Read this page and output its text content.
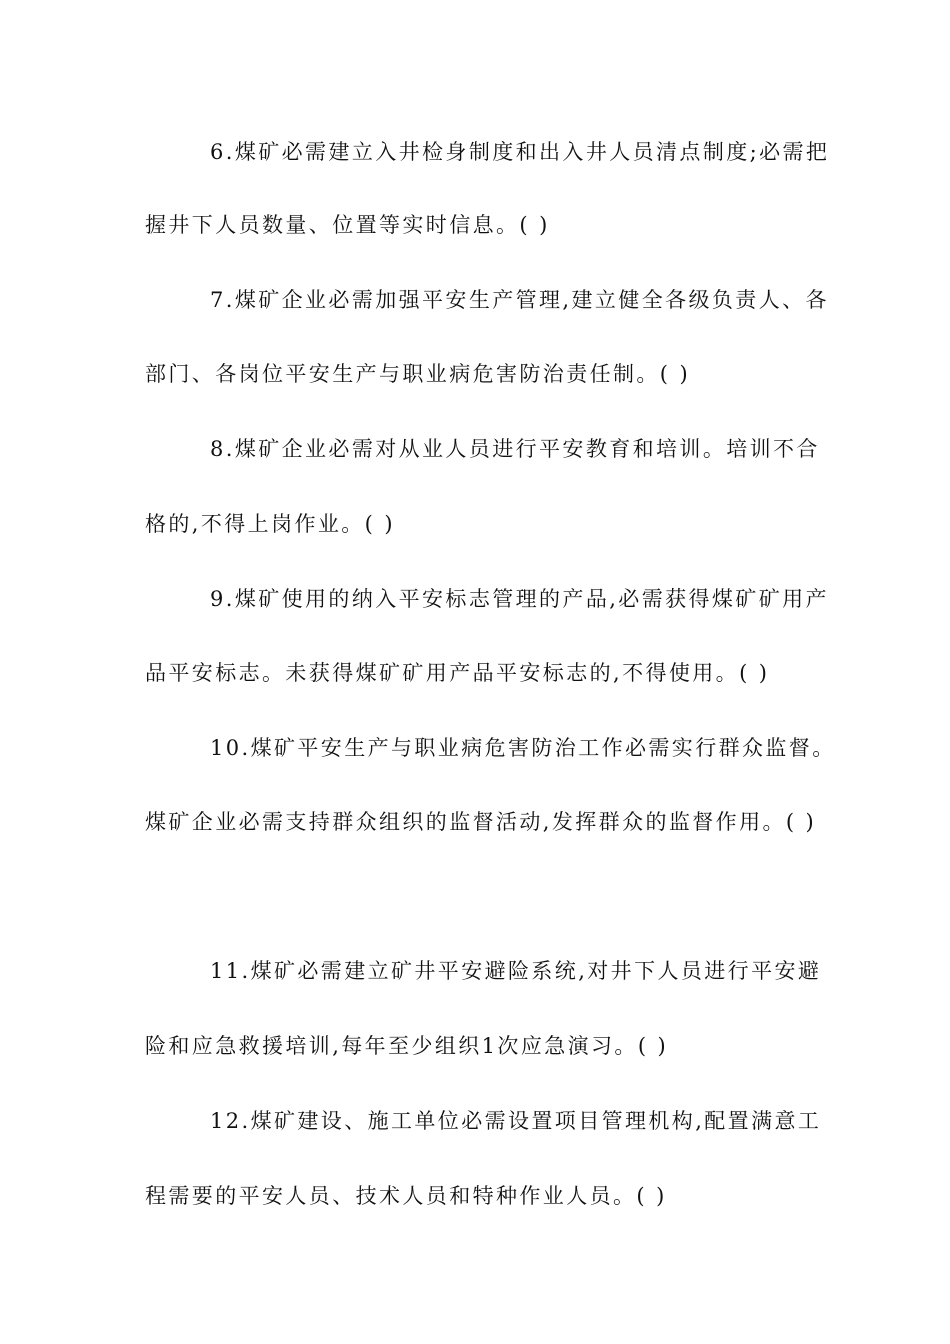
6.煤矿必需建立入井检身制度和出入井人员清点制度;必需把
握井下人员数量、位置等实时信息。( )
7.煤矿企业必需加强平安生产管理,建立健全各级负责人、各
部门、各岗位平安生产与职业病危害防治责任制。( )
8.煤矿企业必需对从业人员进行平安教育和培训。培训不合
格的,不得上岗作业。( )
9.煤矿使用的纳入平安标志管理的产品,必需获得煤矿矿用产
品平安标志。未获得煤矿矿用产品平安标志的,不得使用。( )
10.煤矿平安生产与职业病危害防治工作必需实行群众监督。
煤矿企业必需支持群众组织的监督活动,发挥群众的监督作用。( )
11.煤矿必需建立矿井平安避险系统,对井下人员进行平安避
险和应急救援培训,每年至少组织1次应急演习。( )
12.煤矿建设、施工单位必需设置项目管理机构,配置满意工
程需要的平安人员、技术人员和特种作业人员。( )
